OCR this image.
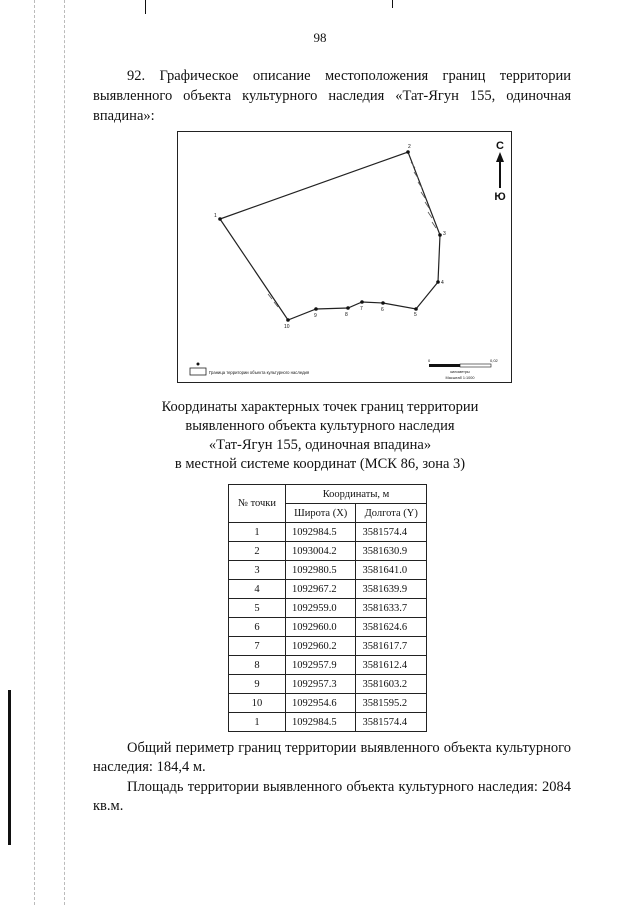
98

92. Графическое описание местоположения границ территории выявленного объекта культурного наследия «Тат-Ягун 155, одиночная впадина»:

1
2
3
4
5
6
7
8
9
10
С
Ю
Граница территории объекта культурного наследия
0	0,02
километры
Масштаб 1:1000
Координаты характерных точек границ территории
выявленного объекта культурного наследия
«Тат-Ягун 155, одиночная впадина»
в местной системе координат (МСК 86, зона 3)
№ точки	Координаты, м	
	Широта (X)	Долгота (Y)
1	1092984.5	3581574.4
2	1093004.2	3581630.9
3	1092980.5	3581641.0
4	1092967.2	3581639.9
5	1092959.0	3581633.7
6	1092960.0	3581624.6
7	1092960.2	3581617.7
8	1092957.9	3581612.4
9	1092957.3	3581603.2
10	1092954.6	3581595.2
1	1092984.5	3581574.4

Общий периметр границ территории выявленного объекта культурного наследия: 184,4 м.

Площадь территории выявленного объекта культурного наследия: 2084 кв.м.
